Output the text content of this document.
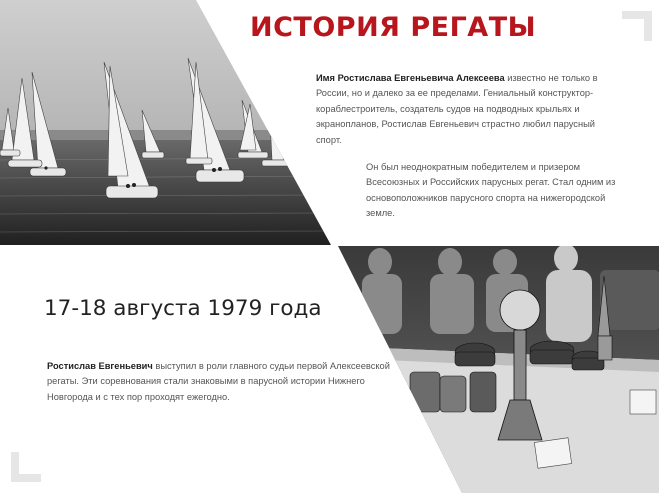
ИСТОРИЯ РЕГАТЫ
Имя Ростислава Евгеньевича Алексеева известно не только в России, но и далеко за ее пределами. Гениальный конструктор-кораблестроитель, создатель судов на подводных крыльях и экранопланов, Ростислав Евгеньевич страстно любил парусный спорт.
Он был неоднократным победителем и призером Всесоюзных и Российских парусных регат. Стал одним из основоположников парусного спорта на нижегородской земле.
17-18 августа 1979 года
Ростислав Евгеньевич выступил в роли главного судьи первой Алексеевской регаты. Эти соревнования стали знаковыми в парусной истории Нижнего Новгорода и с тех пор проходят ежегодно.
